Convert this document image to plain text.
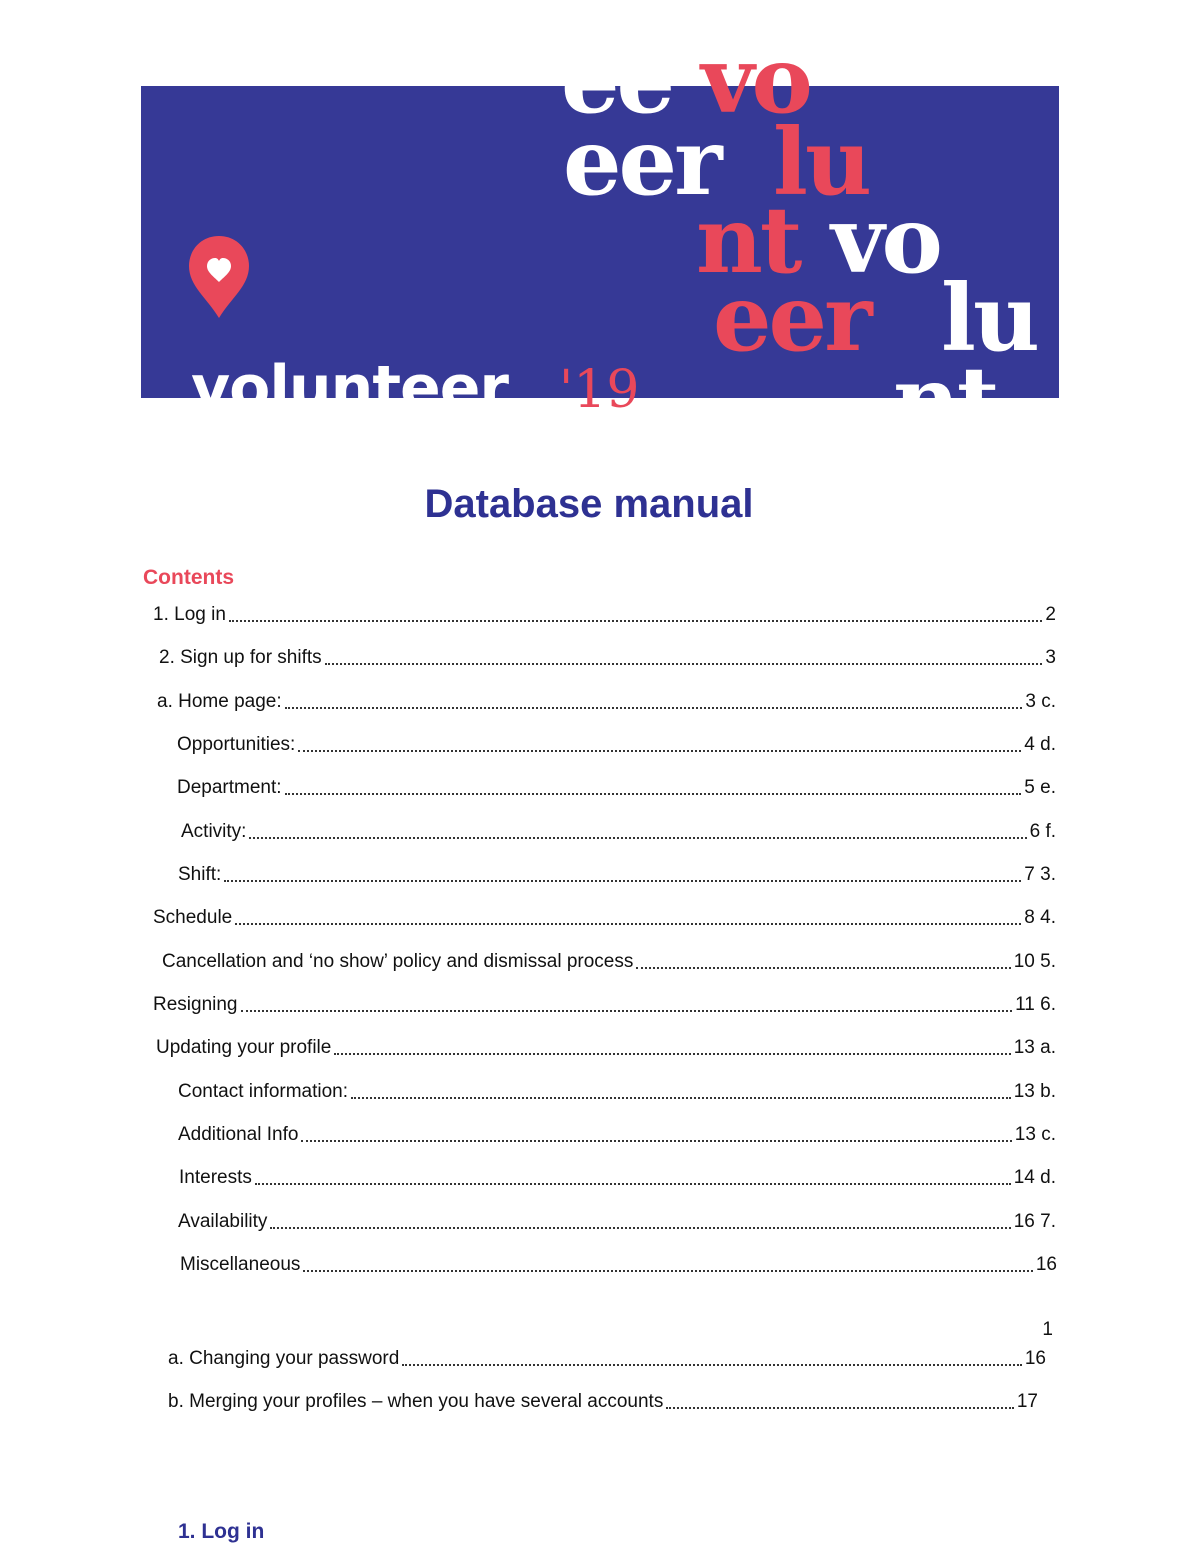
ee vo
eer lu
nt vo
eer lu
nt
volunteer '19
Database manual
Contents
1. Log in	2
2. Sign up for shifts	3
a. Home page:	3 c.
Opportunities:	4 d.
Department:	5 e.
Activity:	6 f.
Shift:	7 3.
Schedule	8 4.
Cancellation and ‘no show’ policy and dismissal process	10 5.
Resigning	11 6.
Updating your profile	13 a.
Contact information:	13 b.
Additional Info	13 c.
Interests	14 d.
Availability	16 7.
Miscellaneous	16
1
a. Changing your password	16
b. Merging your profiles – when you have several accounts	17
1. Log in
